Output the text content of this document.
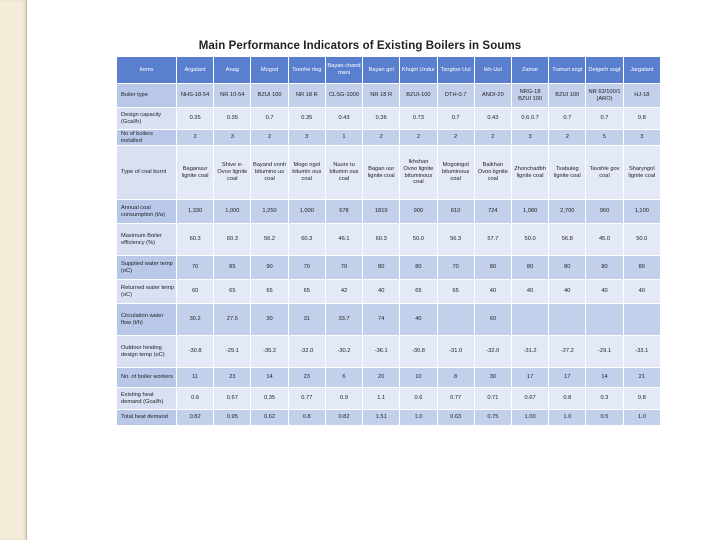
Main Performance Indicators of Existing Boilers in Soums
Items	Argalant	Anag	Mogod	Tsenhe rleg	Bayan chand mani	Bayan gol	Khujirt Undur	Tsogtoo Uul	Ikh-Uul	Zamar	Tumurt sogt	Delgerh sogt	Jargalant
Boiler type	NHS-18-54	NR 10-54	BZUI 100	NR 18 R	CLSG-1000	NR 18 R	BZUI-100	DTH-0.7	ANDI-20	NRG-18 BZUI 100	BZUI 100	NR 63/100/1 (ARO)	HJ-18
Design capacity (Gcal/h)	0.35	0.35	0.7	0.35	0.43	0.36	0.73	0.7	0.43	0.6 0.7	0.7	0.7	0.8
No of boilers installed	2	3	2	3	1	2	2	2	2	3	2	5	3
Type of coal burnt	Baganuur lignite coal	Shive e-Ovoo lignite coal	Bayand vonh bitumino us coal	Mogo ngol bitumin ous coal	Nuurs tu bitumin ous coal	Bagan uur lignite coal	Ikhshan Ovoo lignite bituminous coal	Mogoingol bituminous coal	Baikhan Ovoo lignite coal	Zhonchadbh lignite coal	Tsabuleg lignite coal	Tavshle gov coal	Sharyngol lignite coal
Annual coal consumption (t/a)	1,330	1,000	1,250	1,000	678	1819	900	610	724	1,080	2,700	960	1,100
Maximum Boiler efficiency (%)	60.3	60.3	56.2	60.3	46.1	60.3	50.0	56.3	57.7	50.0	56.8	45.0	50.0
Supplied water temp (oC)	70	85	90	70	70	80	80	70	80	80	80	80	80
Returned water temp (oC)	60	65	65	65	42	40	65	65	40	40	40	40	40
Circulation water flow (t/h)	30.2	27.5	30	31	33.7	74	40		60				
Outdoor heating design temp (oC)	-30.8	-29.1	-35.2	-32.0	-30.2	-36.1	-30.8	-31.0	-32.0	-31.2	-27.2	-29.1	-33.1
No. of boiler workers	11	23	14	23	6	20	10	8	30	17	17	14	21
Existing heat demand (Gcal/h)	0.6	0.67	0.35	0.77	0.9	1.1	0.6	0.77	0.71	0.67	0.8	0.3	0.8
Total heat demand	0.82	0.95	0.62	0.8	0.82	1.51	1.0	0.63	0.75	1.00	1.0	0.5	1.0
